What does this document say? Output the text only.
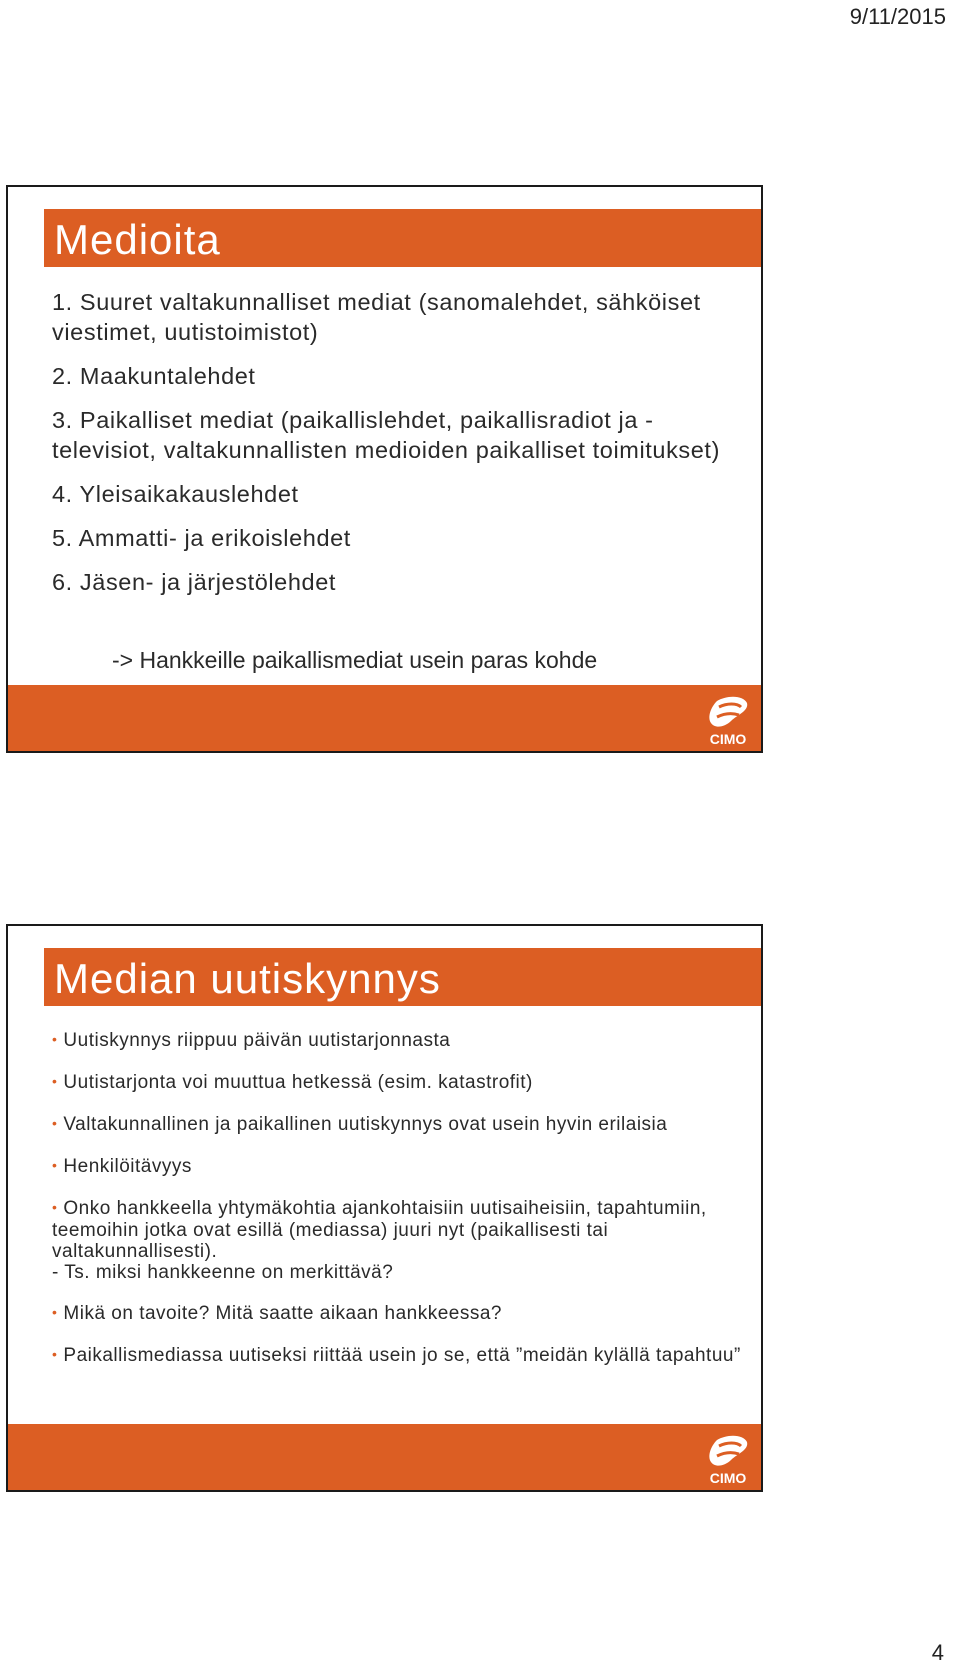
9/11/2015
Medioita
1. Suuret valtakunnalliset mediat (sanomalehdet, sähköiset viestimet, uutistoimistot)
2. Maakuntalehdet
3. Paikalliset mediat (paikallislehdet, paikallisradiot ja -televisiot, valtakunnallisten medioiden paikalliset toimitukset)
4. Yleisaikakauslehdet
5. Ammatti- ja erikoislehdet
6. Jäsen- ja järjestölehdet
-> Hankkeille paikallismediat usein paras kohde
CIMO
Median uutiskynnys
• Uutiskynnys riippuu päivän uutistarjonnasta
• Uutistarjonta voi muuttua hetkessä (esim. katastrofit)
• Valtakunnallinen ja paikallinen uutiskynnys ovat usein hyvin erilaisia
• Henkilöitävyys
• Onko hankkeella yhtymäkohtia ajankohtaisiin uutisaiheisiin, tapahtumiin, teemoihin jotka ovat esillä (mediassa) juuri nyt (paikallisesti tai valtakunnallisesti).
- Ts. miksi hankkeenne on merkittävä?
• Mikä on tavoite? Mitä saatte aikaan hankkeessa?
• Paikallismediassa uutiseksi riittää usein jo se, että ”meidän kylällä tapahtuu”
CIMO
4
